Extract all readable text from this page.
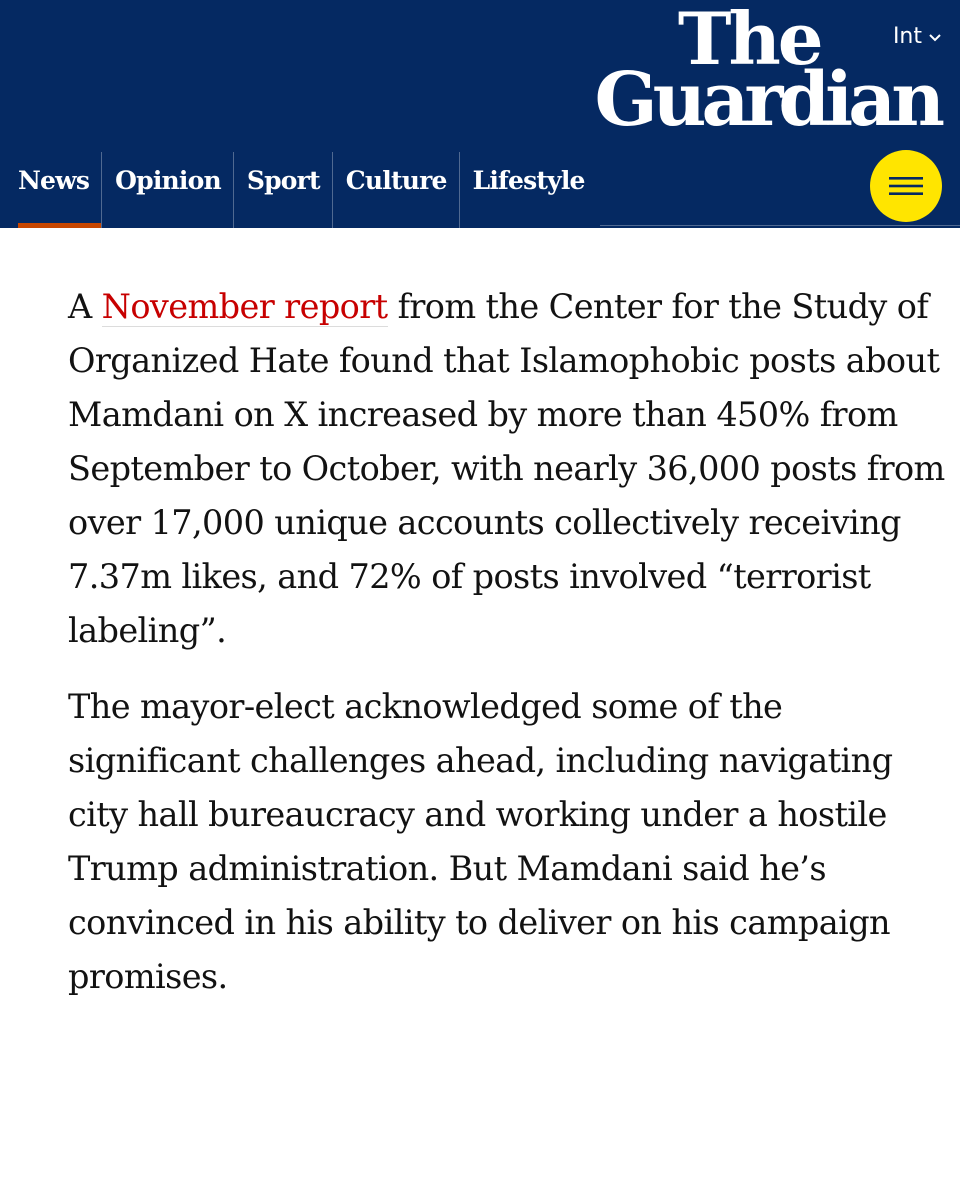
Int
The
Guardian
News	Opinion	Sport	Culture	Lifestyle

A November report from the Center for the Study of Organized Hate found that Islamophobic posts about Mamdani on X increased by more than 450% from September to October, with nearly 36,000 posts from over 17,000 unique accounts collectively receiving 7.37m likes, and 72% of posts involved “terrorist labeling”.

The mayor-elect acknowledged some of the significant challenges ahead, including navigating city hall bureaucracy and working under a hostile Trump administration. But Mamdani said he’s convinced in his ability to deliver on his campaign promises.
